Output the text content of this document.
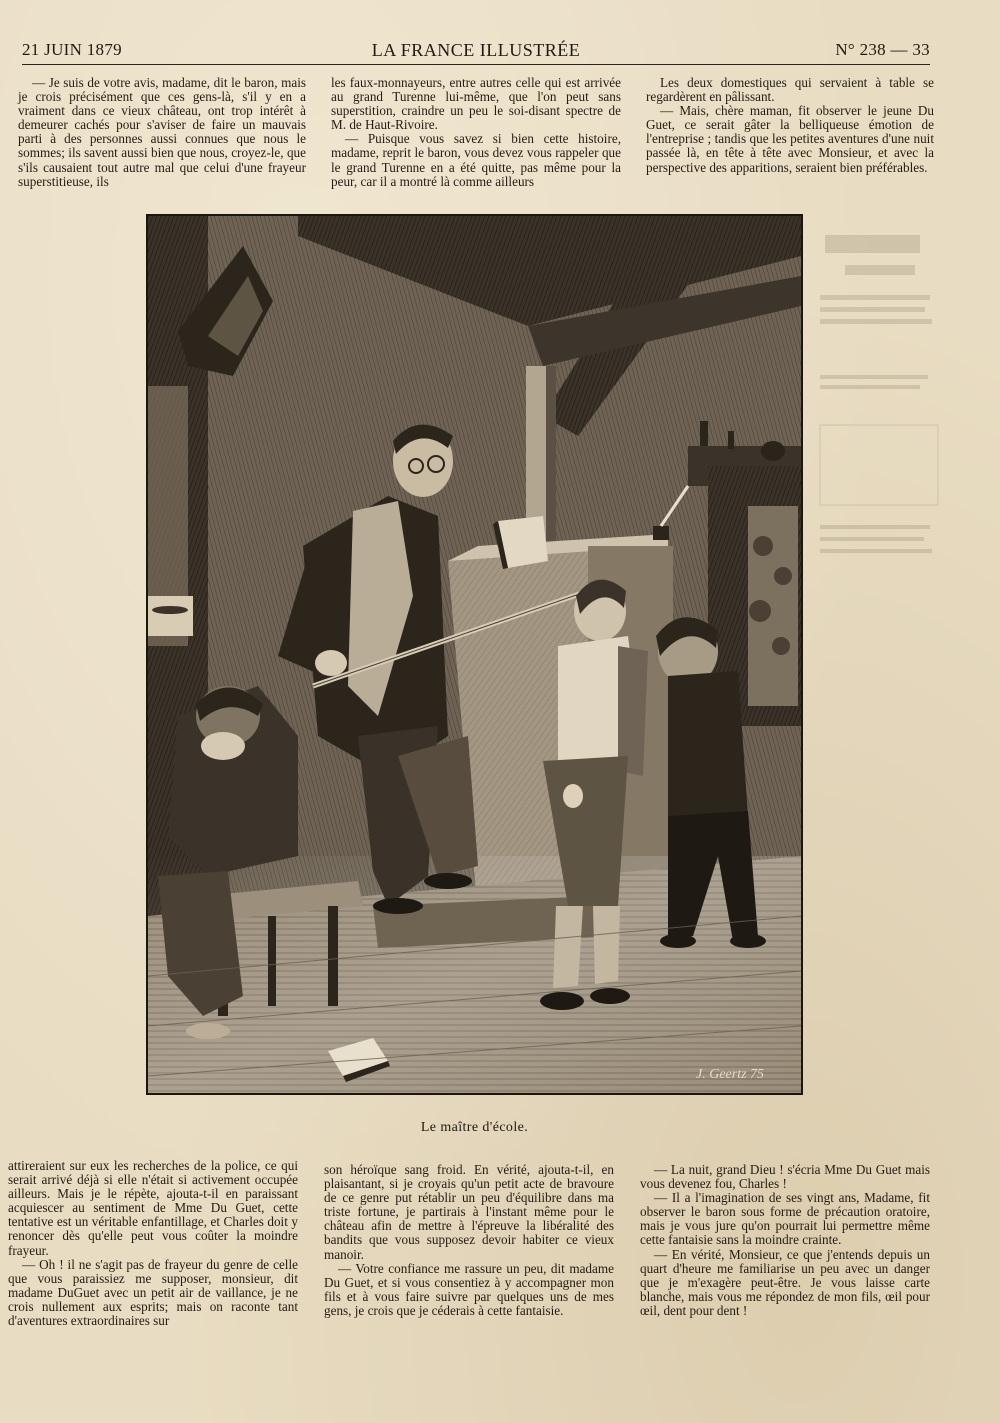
21 JUIN 1879	LA FRANCE ILLUSTRÉE	N° 238 — 33

— Je suis de votre avis, madame, dit le baron, mais je crois précisément que ces gens-là, s'il y en a vraiment dans ce vieux château, ont trop intérêt à demeurer cachés pour s'aviser de faire un mauvais parti à des personnes aussi connues que nous le sommes; ils savent aussi bien que nous, croyez-le, que s'ils causaient tout autre mal que celui d'une frayeur superstitieuse, ils

les faux-monnayeurs, entre autres celle qui est arrivée au grand Turenne lui-même, que l'on peut sans superstition, craindre un peu le soi-disant spectre de M. de Haut-Rivoire.

— Puisque vous savez si bien cette histoire, madame, reprit le baron, vous devez vous rappeler que le grand Turenne en a été quitte, pas même pour la peur, car il a montré là comme ailleurs

Les deux domestiques qui servaient à table se regardèrent en pâlissant.

— Mais, chère maman, fit observer le jeune Du Guet, ce serait gâter la belliqueuse émotion de l'entreprise ; tandis que les petites aventures d'une nuit passée là, en tête à tête avec Monsieur, et avec la perspective des apparitions, seraient bien préférables.

J. Geertz 75
Le maître d'école.

attireraient sur eux les recherches de la police, ce qui serait arrivé déjà si elle n'était si activement occupée ailleurs. Mais je le répète, ajouta-t-il en paraissant acquiescer au sentiment de Mme Du Guet, cette tentative est un véritable enfantillage, et Charles doit y renoncer dès qu'elle peut vous coûter la moindre frayeur.

— Oh ! il ne s'agit pas de frayeur du genre de celle que vous paraissiez me supposer, monsieur, dit madame DuGuet avec un petit air de vaillance, je ne crois nullement aux esprits; mais on raconte tant d'aventures extraordinaires sur

son héroïque sang froid. En vérité, ajouta-t-il, en plaisantant, si je croyais qu'un petit acte de bravoure de ce genre put rétablir un peu d'équilibre dans ma triste fortune, je partirais à l'instant même pour le château afin de mettre à l'épreuve la libéralité des bandits que vous supposez devoir habiter ce vieux manoir.

— Votre confiance me rassure un peu, dit madame Du Guet, et si vous consentiez à y accompagner mon fils et à vous faire suivre par quelques uns de mes gens, je crois que je céderais à cette fantaisie.

— La nuit, grand Dieu ! s'écria Mme Du Guet mais vous devenez fou, Charles !

— Il a l'imagination de ses vingt ans, Madame, fit observer le baron sous forme de précaution oratoire, mais je vous jure qu'on pourrait lui permettre même cette fantaisie sans la moindre crainte.

— En vérité, Monsieur, ce que j'entends depuis un quart d'heure me familiarise un peu avec un danger que je m'exagère peut-être. Je vous laisse carte blanche, mais vous me répondez de mon fils, œil pour œil, dent pour dent !
